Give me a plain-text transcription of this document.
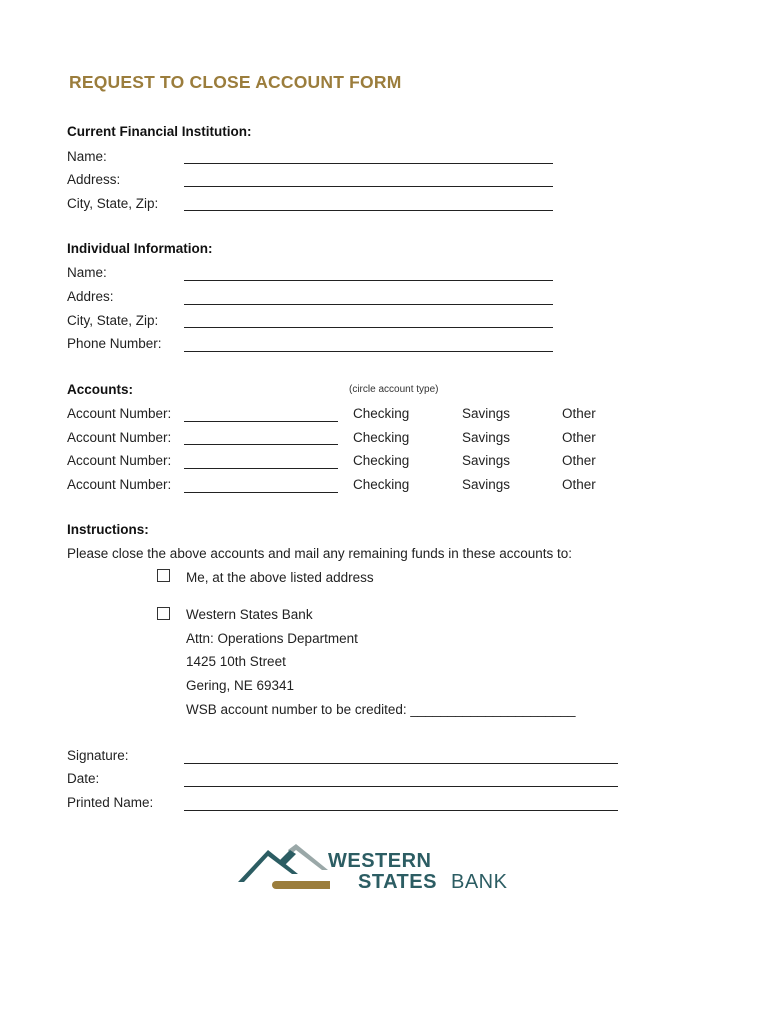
REQUEST TO CLOSE ACCOUNT FORM
Current Financial Institution:
Name:
Address:
City, State, Zip:
Individual Information:
Name:
Addres:
City, State, Zip:
Phone Number:
Accounts:	(circle account type)
Account Number:	Checking	Savings	Other
Account Number:	Checking	Savings	Other
Account Number:	Checking	Savings	Other
Account Number:	Checking	Savings	Other
Instructions:
Please close the above accounts and mail any remaining funds in these accounts to:
Me, at the above listed address
Western States Bank
Attn: Operations Department
1425 10th Street
Gering, NE 69341
WSB account number to be credited: ______________________
Signature:
Date:
Printed Name:
WESTERN
STATES BANK
